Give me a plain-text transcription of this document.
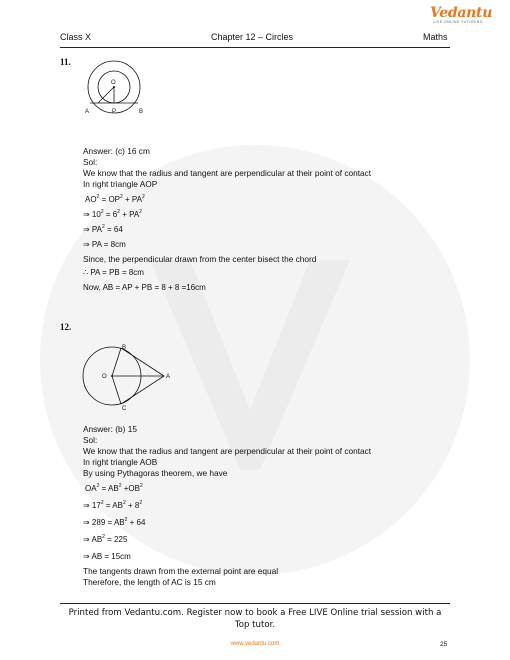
Vedantu
LIVE ONLINE TUTORING
Class X	Chapter 12 – Circles	Maths
11.
O
A	P	B
Answer: (c) 16 cm
Sol:
We know that the radius and tangent are perpendicular at their point of contact
In right triangle AOP
$AO^2 = OP^2 + PA^2$
⇒ $10^2 = 6^2 + PA^2$
⇒ $PA^2 = 64$
⇒ PA = 8cm
Since, the perpendicular drawn from the center bisect the chord
∴ PA = PB = 8cm
Now, AB = AP + PB = 8 + 8 =16cm
12.
O	A
B
C
Answer: (b) 15
Sol:
We know that the radius and tangent are perpendicular at their point of contact
In right triangle AOB
By using Pythagoras theorem, we have
$OA^2 = AB^2 +OB^2$
⇒ $17^2 = AB^2 + 8^2$
⇒ $289 = AB^2 + 64$
⇒ $AB^2 = 225$
⇒ AB = 15cm
The tangents drawn from the external point are equal
Therefore, the length of AC is 15 cm
Printed from Vedantu.com. Register now to book a Free LIVE Online trial session with a
Top tutor.
www.vedantu.com	25
